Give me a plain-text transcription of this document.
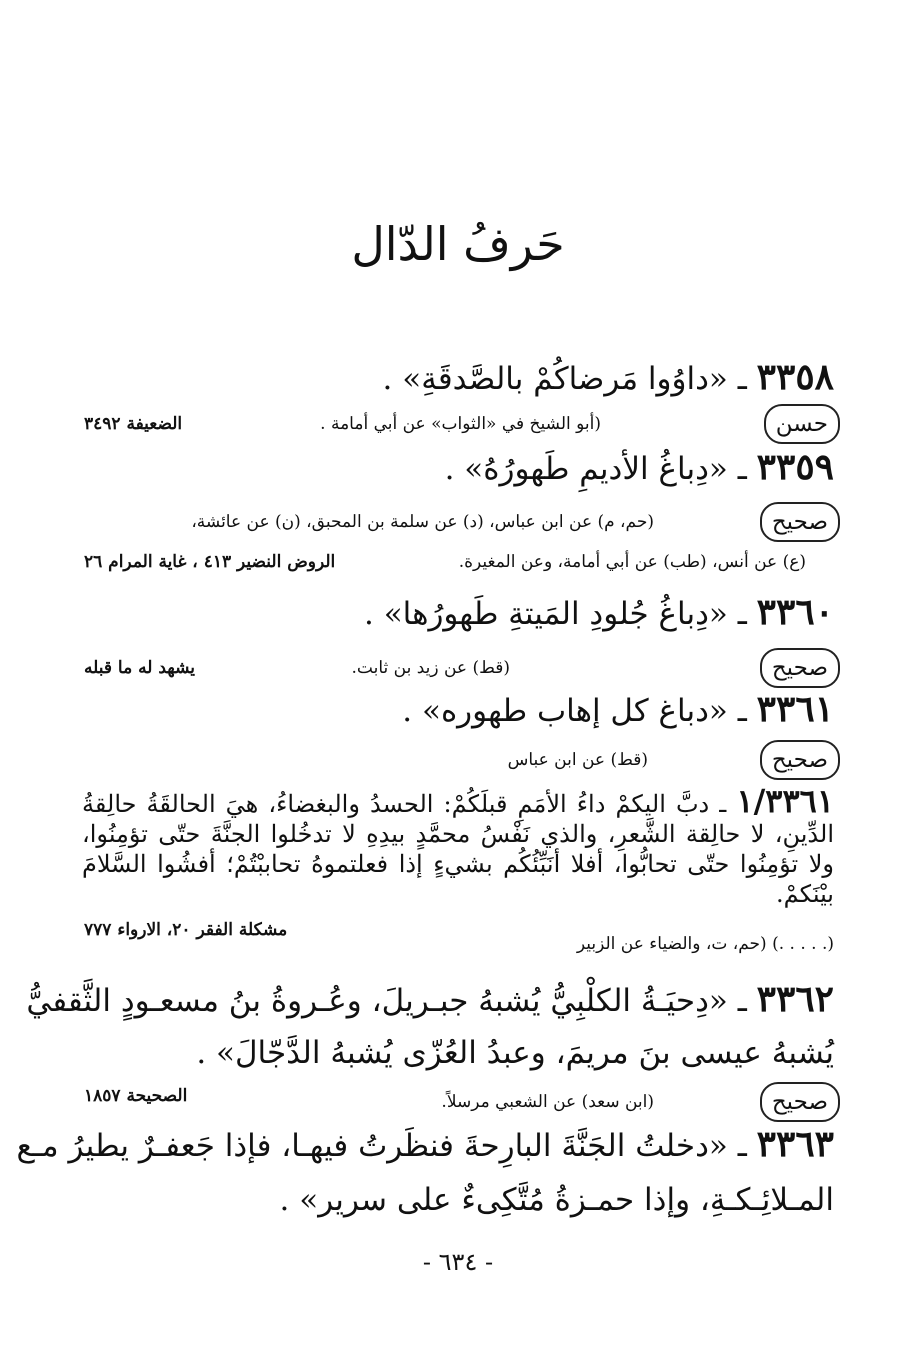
حَرفُ الدّال
٣٣٥٨ ـ «داوُوا مَرضاكُمْ بالصَّدقَةِ» .
حسن
(أبو الشيخ في «الثواب» عن أبي أمامة .
الضعيفة ٣٤٩٢
٣٣٥٩ ـ «دِباغُ الأديمِ طَهورُهُ» .
صحيح
(حم، م) عن ابن عباس، (د) عن سلمة بن المحبق، (ن) عن عائشة،
(ع) عن أنس، (طب) عن أبي أمامة، وعن المغيرة.
الروض النضير ٤١٣ ، غاية المرام ٢٦
٣٣٦٠ ـ «دِباغُ جُلودِ المَيتةِ طَهورُها» .
صحيح
(قط) عن زيد بن ثابت.
يشهد له ما قبله
٣٣٦١ ـ «دباغ كل إهاب طهوره» .
صحيح
(قط) عن ابن عباس
١/٣٣٦١ ـ دبَّ اليكمْ داءُ الأمَمِ قبلَكُمْ: الحسدُ والبغضاءُ، هيَ الحالقَةُ حالِقةُ الدِّينِ، لا حالِقة الشَّعرِ، والذي نَفْسُ محمَّدٍ بيدِهِ لا تدخُلوا الجنَّةَ حتّى تؤمِنُوا، ولا تؤمِنُوا حتّى تحابُّوا، أفلا أنَبِّئُكُم بشيءٍ إذا فعلتموهُ تحاببْتُمْ؛ أفشُوا السَّلامَ بيْنَكمْ.
(. . . . .) (حم، ت، والضياء عن الزبير
مشكلة الفقر ٢٠، الارواء ٧٧٧
٣٣٦٢ ـ «دِحيَـةُ الكلْبِيُّ يُشبهُ جبـريلَ، وعُـروةُ بنُ مسعـودٍ الثَّقفيُّ
يُشبهُ عيسى بنَ مريمَ، وعبدُ العُزّى يُشبهُ الدَّجّالَ» .
صحيح
(ابن سعد) عن الشعبي مرسلاً.
الصحيحة ١٨٥٧
٣٣٦٣ ـ «دخلتُ الجَنَّةَ البارِحةَ فنظَرتُ فيهـا، فإذا جَعفـرٌ يطيرُ مـع
المـلائِـكـةِ، وإذا حمـزةُ مُتَّكِىءٌ على سرير» .
- ٦٣٤ -
